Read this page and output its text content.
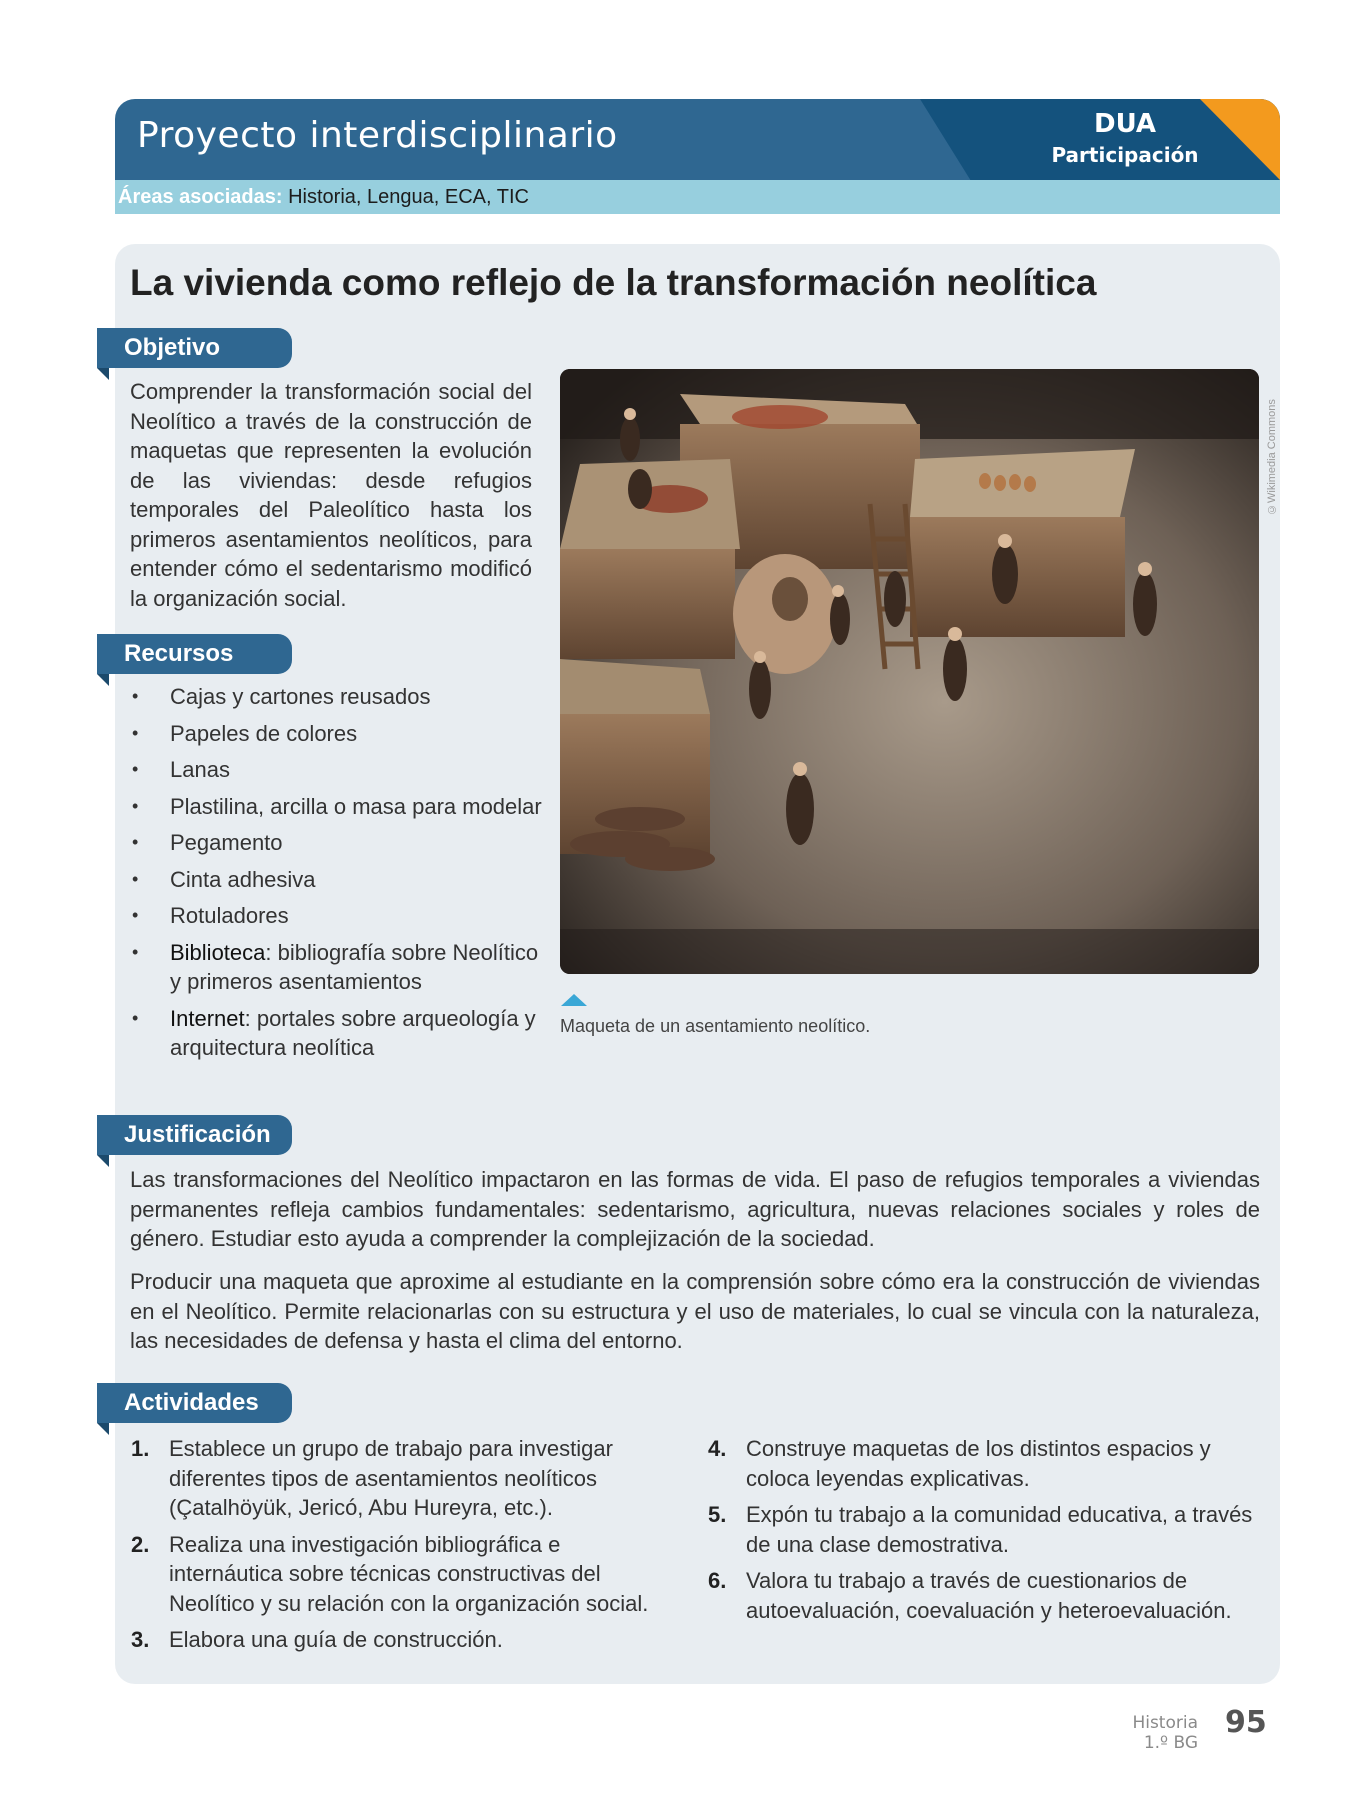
Proyecto interdisciplinario	DUA
Participación
Áreas asociadas: Historia, Lengua, ECA, TIC
La vivienda como reflejo de la transformación neolítica
Objetivo
Comprender la transformación social del Neolítico a través de la construcción de maquetas que representen la evolución de las viviendas: desde refugios temporales del Paleolítico hasta los primeros asentamientos neolíticos, para entender cómo el sedentarismo modificó la organización social.
Recursos
• Cajas y cartones reusados
• Papeles de colores
• Lanas
• Plastilina, arcilla o masa para modelar
• Pegamento
• Cinta adhesiva
• Rotuladores
• Biblioteca: bibliografía sobre Neolítico y primeros asentamientos
• Internet: portales sobre arqueología y arquitectura neolítica
©Wikimedia Commons
Maqueta de un asentamiento neolítico.
Justificación
Las transformaciones del Neolítico impactaron en las formas de vida. El paso de refugios temporales a viviendas permanentes refleja cambios fundamentales: sedentarismo, agricultura, nuevas relaciones sociales y roles de género. Estudiar esto ayuda a comprender la complejización de la sociedad.
Producir una maqueta que aproxime al estudiante en la comprensión sobre cómo era la construcción de viviendas en el Neolítico. Permite relacionarlas con su estructura y el uso de materiales, lo cual se vincula con la naturaleza, las necesidades de defensa y hasta el clima del entorno.
Actividades
1. Establece un grupo de trabajo para investigar diferentes tipos de asentamientos neolíticos (Çatalhöyük, Jericó, Abu Hureyra, etc.).
2. Realiza una investigación bibliográfica e internáutica sobre técnicas constructivas del Neolítico y su relación con la organización social.
3. Elabora una guía de construcción.
4. Construye maquetas de los distintos espacios y coloca leyendas explicativas.
5. Expón tu trabajo a la comunidad educativa, a través de una clase demostrativa.
6. Valora tu trabajo a través de cuestionarios de autoevaluación, coevaluación y heteroevaluación.
Historia
1.º BG
95
